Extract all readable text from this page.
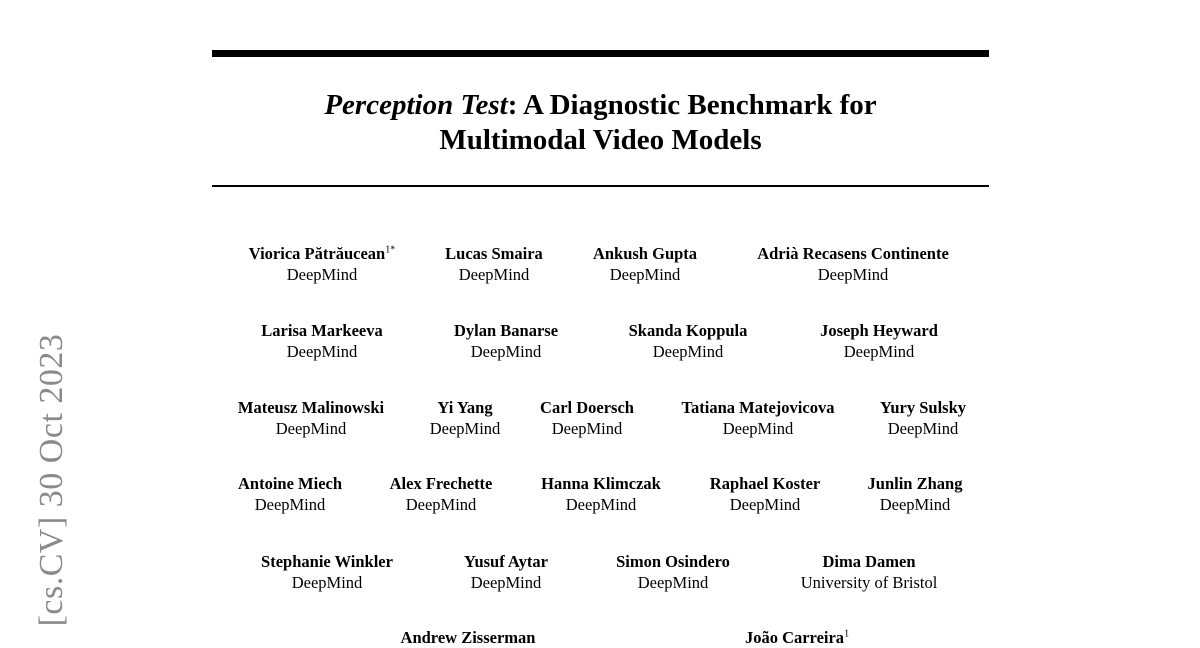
Perception Test: A Diagnostic Benchmark for
Multimodal Video Models
[cs.CV] 30 Oct 2023
Viorica Pătrăucean$^{1*}$
DeepMind
Lucas Smaira
DeepMind
Ankush Gupta
DeepMind
Adrià Recasens Continente
DeepMind
Larisa Markeeva
DeepMind
Dylan Banarse
DeepMind
Skanda Koppula
DeepMind
Joseph Heyward
DeepMind
Mateusz Malinowski
DeepMind
Yi Yang
DeepMind
Carl Doersch
DeepMind
Tatiana Matejovicova
DeepMind
Yury Sulsky
DeepMind
Antoine Miech
DeepMind
Alex Frechette
DeepMind
Hanna Klimczak
DeepMind
Raphael Koster
DeepMind
Junlin Zhang
DeepMind
Stephanie Winkler
DeepMind
Yusuf Aytar
DeepMind
Simon Osindero
DeepMind
Dima Damen
University of Bristol
Andrew Zisserman	João Carreira$^1$
